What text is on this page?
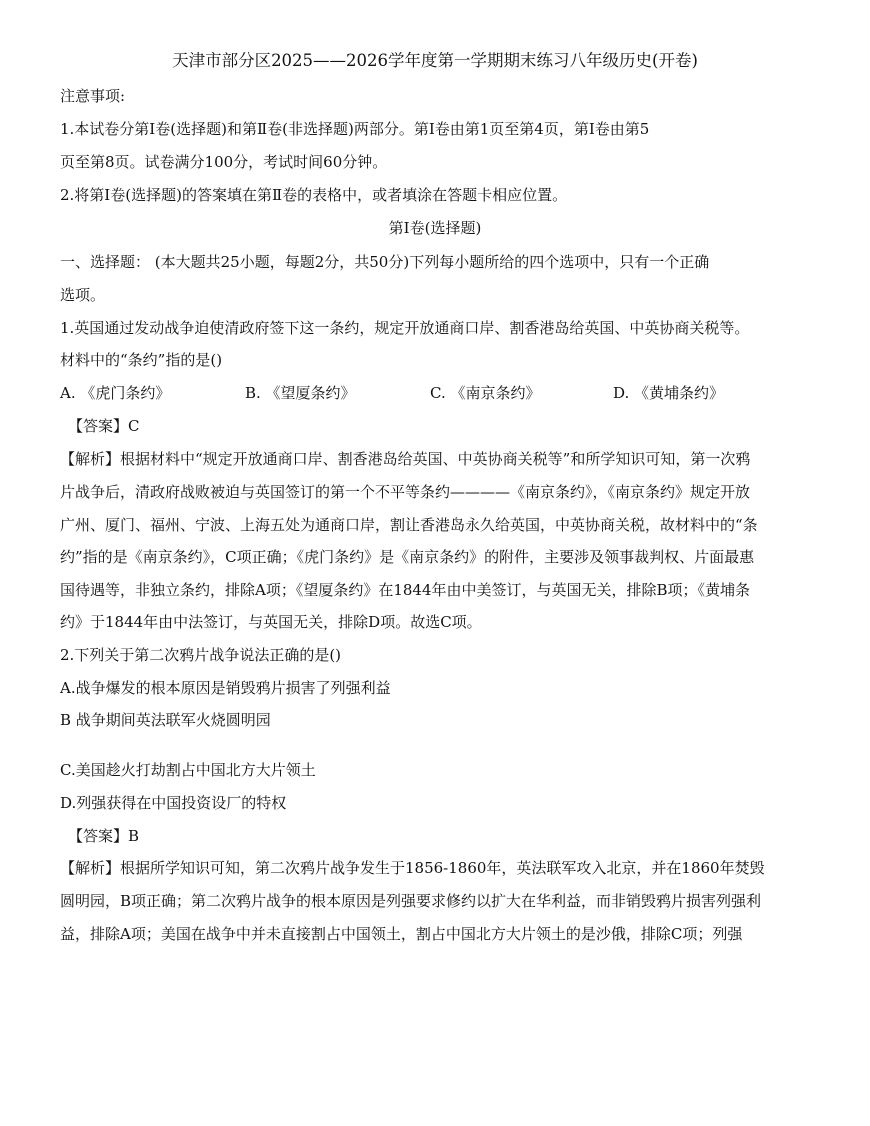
天津市部分区2025——2026学年度第一学期期末练习八年级历史(开卷)
注意事项:
1.本试卷分第Ⅰ卷(选择题)和第Ⅱ卷(非选择题)两部分。第Ⅰ卷由第1页至第4页，第Ⅰ卷由第5
页至第8页。试卷满分100分，考试时间60分钟。
2.将第Ⅰ卷(选择题)的答案填在第Ⅱ卷的表格中，或者填涂在答题卡相应位置。
第Ⅰ卷(选择题)
一、选择题： (本大题共25小题，每题2分，共50分)下列每小题所给的四个选项中，只有一个正确
选项。
1.英国通过发动战争迫使清政府签下这一条约，规定开放通商口岸、割香港岛给英国、中英协商关税等。
材料中的“条约”指的是()
A. 《虎门条约》	B. 《望厦条约》	C. 《南京条约》	D. 《黄埔条约》
【答案】C
【解析】根据材料中“规定开放通商口岸、割香港岛给英国、中英协商关税等”和所学知识可知，第一次鸦
片战争后，清政府战败被迫与英国签订的第一个不平等条约————《南京条约》，《南京条约》规定开放
广州、厦门、福州、宁波、上海五处为通商口岸，割让香港岛永久给英国，中英协商关税，故材料中的“条
约”指的是《南京条约》，C项正确；《虎门条约》是《南京条约》的附件，主要涉及领事裁判权、片面最惠
国待遇等，非独立条约，排除A项；《望厦条约》在1844年由中美签订，与英国无关，排除B项；《黄埔条
约》于1844年由中法签订，与英国无关，排除D项。故选C项。
2.下列关于第二次鸦片战争说法正确的是()
A.战争爆发的根本原因是销毁鸦片损害了列强利益
B 战争期间英法联军火烧圆明园
C.美国趁火打劫割占中国北方大片领土
D.列强获得在中国投资设厂的特权
【答案】B
【解析】根据所学知识可知，第二次鸦片战争发生于1856-1860年，英法联军攻入北京，并在1860年焚毁
圆明园，B项正确；第二次鸦片战争的根本原因是列强要求修约以扩大在华利益，而非销毁鸦片损害列强利
益，排除A项；美国在战争中并未直接割占中国领土，割占中国北方大片领土的是沙俄，排除C项；列强
